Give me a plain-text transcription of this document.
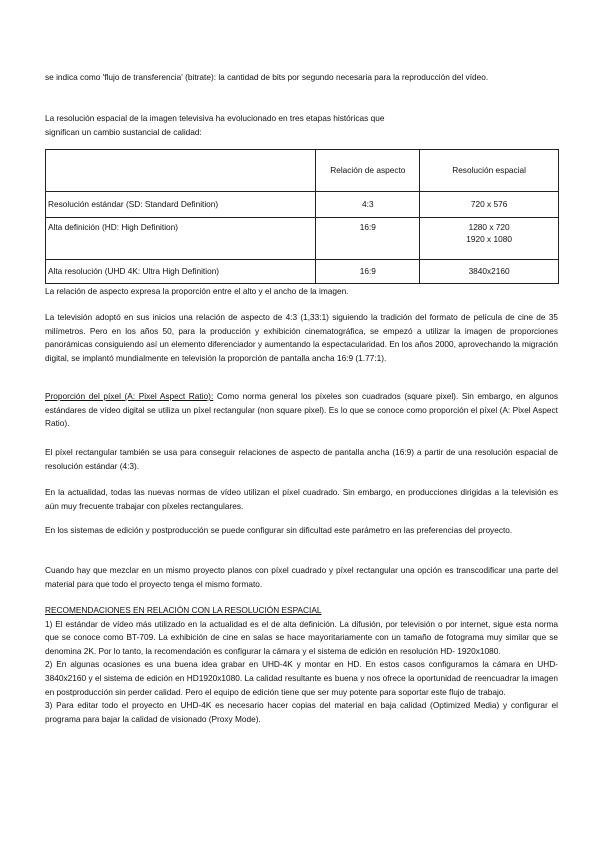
se indica como 'flujo de transferencia' (bitrate): la cantidad de bits por segundo necesaria para la reproducción del vídeo.

La resolución espacial de la imagen televisiva ha evolucionado en tres etapas históricas que
significan un cambio sustancial de calidad:

	Relación de aspecto	Resolución espacial
Resolución estándar (SD: Standard Definition)	4:3	720 x 576
Alta definición (HD: High Definition)	16:9	1280 x 720
1920 x 1080

Alta resolución (UHD 4K: Ultra High Definition)	16:9	3840x2160

La relación de aspecto expresa la proporción entre el alto y el ancho de la imagen.

La televisión adoptó en sus inicios una relación de aspecto de 4:3 (1,33:1) siguiendo la tradición del formato de película de cine de 35 milímetros. Pero en los años 50, para la producción y exhibición cinematográfica, se empezó a utilizar la imagen de proporciones panorámicas consiguiendo así un elemento diferenciador y aumentando la espectacularidad. En los años 2000, aprovechando la migración digital, se implantó mundialmente en televisión la proporción de pantalla ancha 16:9 (1.77:1).

Proporción del píxel (A: Pixel Aspect Ratio): Como norma general los píxeles son cuadrados (square pixel). Sin embargo, en algunos estándares de vídeo digital se utiliza un píxel rectangular (non square pixel). Es lo que se conoce como proporción el píxel (A: Pixel Aspect Ratio).

El píxel rectangular también se usa para conseguir relaciones de aspecto de pantalla ancha (16:9) a partir de una resolución espacial de resolución estándar (4:3).

En la actualidad, todas las nuevas normas de vídeo utilizan el píxel cuadrado. Sin embargo, en producciones dirigidas a la televisión es aún muy frecuente trabajar con píxeles rectangulares.

En los sistemas de edición y postproducción se puede configurar sin dificultad este parámetro en las preferencias del proyecto.

Cuando hay que mezclar en un mismo proyecto planos con píxel cuadrado y píxel rectangular una opción es transcodificar una parte del material para que todo el proyecto tenga el mismo formato.

RECOMENDACIONES EN RELACIÓN CON LA RESOLUCIÓN ESPACIAL
1) El estándar de vídeo más utilizado en la actualidad es el de alta definición. La difusión, por televisión o por internet, sigue esta norma que se conoce como BT-709. La exhibición de cine en salas se hace mayoritariamente con un tamaño de fotograma muy similar que se denomina 2K. Por lo tanto, la recomendación es configurar la cámara y el sistema de edición en resolución HD- 1920x1080.
2) En algunas ocasiones es una buena idea grabar en UHD-4K y montar en HD. En estos casos configuramos la cámara en UHD-3840x2160 y el sistema de edición en HD1920x1080. La calidad resultante es buena y nos ofrece la oportunidad de reencuadrar la imagen en postproducción sin perder calidad. Pero el equipo de edición tiene que ser muy potente para soportar este flujo de trabajo.
3) Para editar todo el proyecto en UHD-4K es necesario hacer copias del material en baja calidad (Optimized Media) y configurar el programa para bajar la calidad de visionado (Proxy Mode).
